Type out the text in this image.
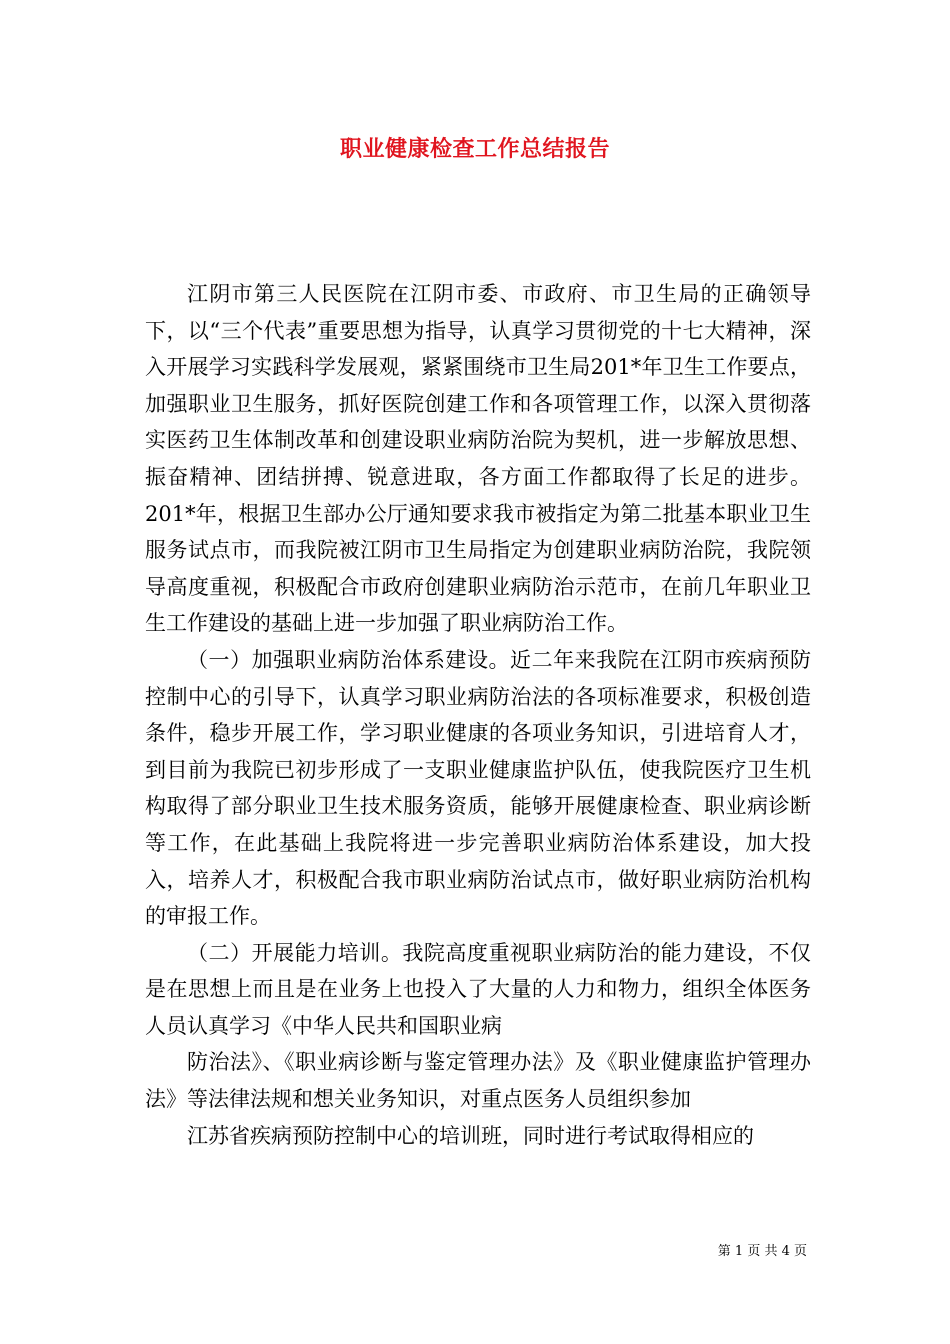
职业健康检查工作总结报告

江阴市第三人民医院在江阴市委、市政府、市卫生局的正确领导下，以“三个代表”重要思想为指导，认真学习贯彻党的十七大精神，深入开展学习实践科学发展观，紧紧围绕市卫生局201*年卫生工作要点，加强职业卫生服务，抓好医院创建工作和各项管理工作，以深入贯彻落实医药卫生体制改革和创建设职业病防治院为契机，进一步解放思想、振奋精神、团结拼搏、锐意进取，各方面工作都取得了长足的进步。201*年，根据卫生部办公厅通知要求我市被指定为第二批基本职业卫生服务试点市，而我院被江阴市卫生局指定为创建职业病防治院，我院领导高度重视，积极配合市政府创建职业病防治示范市，在前几年职业卫生工作建设的基础上进一步加强了职业病防治工作。

（一）加强职业病防治体系建设。近二年来我院在江阴市疾病预防控制中心的引导下，认真学习职业病防治法的各项标准要求，积极创造条件，稳步开展工作，学习职业健康的各项业务知识，引进培育人才，到目前为我院已初步形成了一支职业健康监护队伍，使我院医疗卫生机构取得了部分职业卫生技术服务资质，能够开展健康检查、职业病诊断等工作，在此基础上我院将进一步完善职业病防治体系建设，加大投入，培养人才，积极配合我市职业病防治试点市，做好职业病防治机构的审报工作。

（二）开展能力培训。我院高度重视职业病防治的能力建设，不仅是在思想上而且是在业务上也投入了大量的人力和物力，组织全体医务人员认真学习《中华人民共和国职业病

防治法》、《职业病诊断与鉴定管理办法》及《职业健康监护管理办法》等法律法规和想关业务知识，对重点医务人员组织参加

江苏省疾病预防控制中心的培训班，同时进行考试取得相应的

第 1 页 共 4 页
